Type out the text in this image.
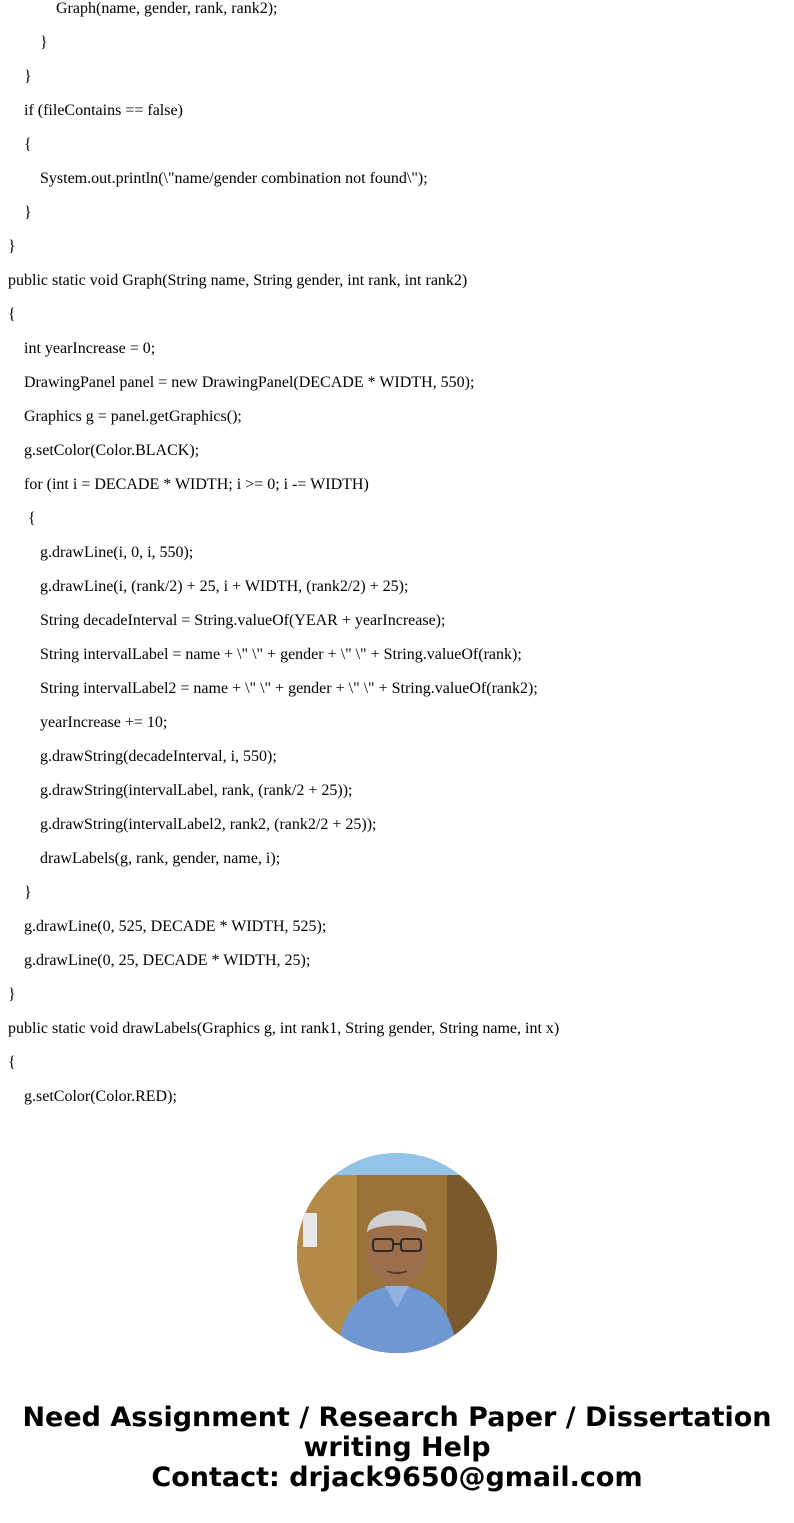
Graph(name, gender, rank, rank2);
}
}
if (fileContains == false)
{
System.out.println(\"name/gender combination not found\");
}
}
public static void Graph(String name, String gender, int rank, int rank2)
{
int yearIncrease = 0;
DrawingPanel panel = new DrawingPanel(DECADE * WIDTH, 550);
Graphics g = panel.getGraphics();
g.setColor(Color.BLACK);
for (int i = DECADE * WIDTH; i >= 0; i -= WIDTH)
{
g.drawLine(i, 0, i, 550);
g.drawLine(i, (rank/2) + 25, i + WIDTH, (rank2/2) + 25);
String decadeInterval = String.valueOf(YEAR + yearIncrease);
String intervalLabel = name + \" \" + gender + \" \" + String.valueOf(rank);
String intervalLabel2 = name + \" \" + gender + \" \" + String.valueOf(rank2);
yearIncrease += 10;
g.drawString(decadeInterval, i, 550);
g.drawString(intervalLabel, rank, (rank/2 + 25));
g.drawString(intervalLabel2, rank2, (rank2/2 + 25));
drawLabels(g, rank, gender, name, i);
}
g.drawLine(0, 525, DECADE * WIDTH, 525);
g.drawLine(0, 25, DECADE * WIDTH, 25);
}
public static void drawLabels(Graphics g, int rank1, String gender, String name, int x)
{
g.setColor(Color.RED);
Need Assignment / Research Paper / Dissertation
writing Help
Contact: drjack9650@gmail.com
